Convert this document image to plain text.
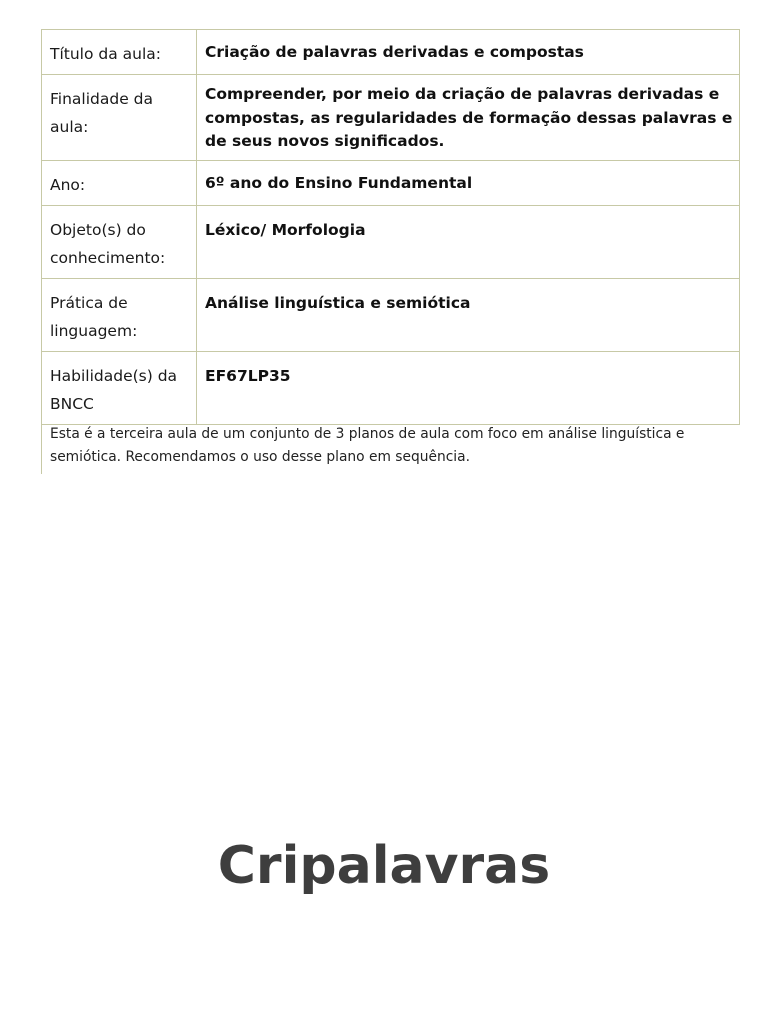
Título da aula:	Criação de palavras derivadas e compostas
Finalidade da aula:	Compreender, por meio da criação de palavras derivadas e compostas, as regularidades de formação dessas palavras e de seus novos significados.
Ano:	6º ano do Ensino Fundamental
Objeto(s) do conhecimento:	Léxico/ Morfologia
Prática de linguagem:	Análise linguística e semiótica
Habilidade(s) da BNCC	EF67LP35
Esta é a terceira aula de um conjunto de 3 planos de aula com foco em análise linguística e semiótica. Recomendamos o uso desse plano em sequência.
Cripalavras
